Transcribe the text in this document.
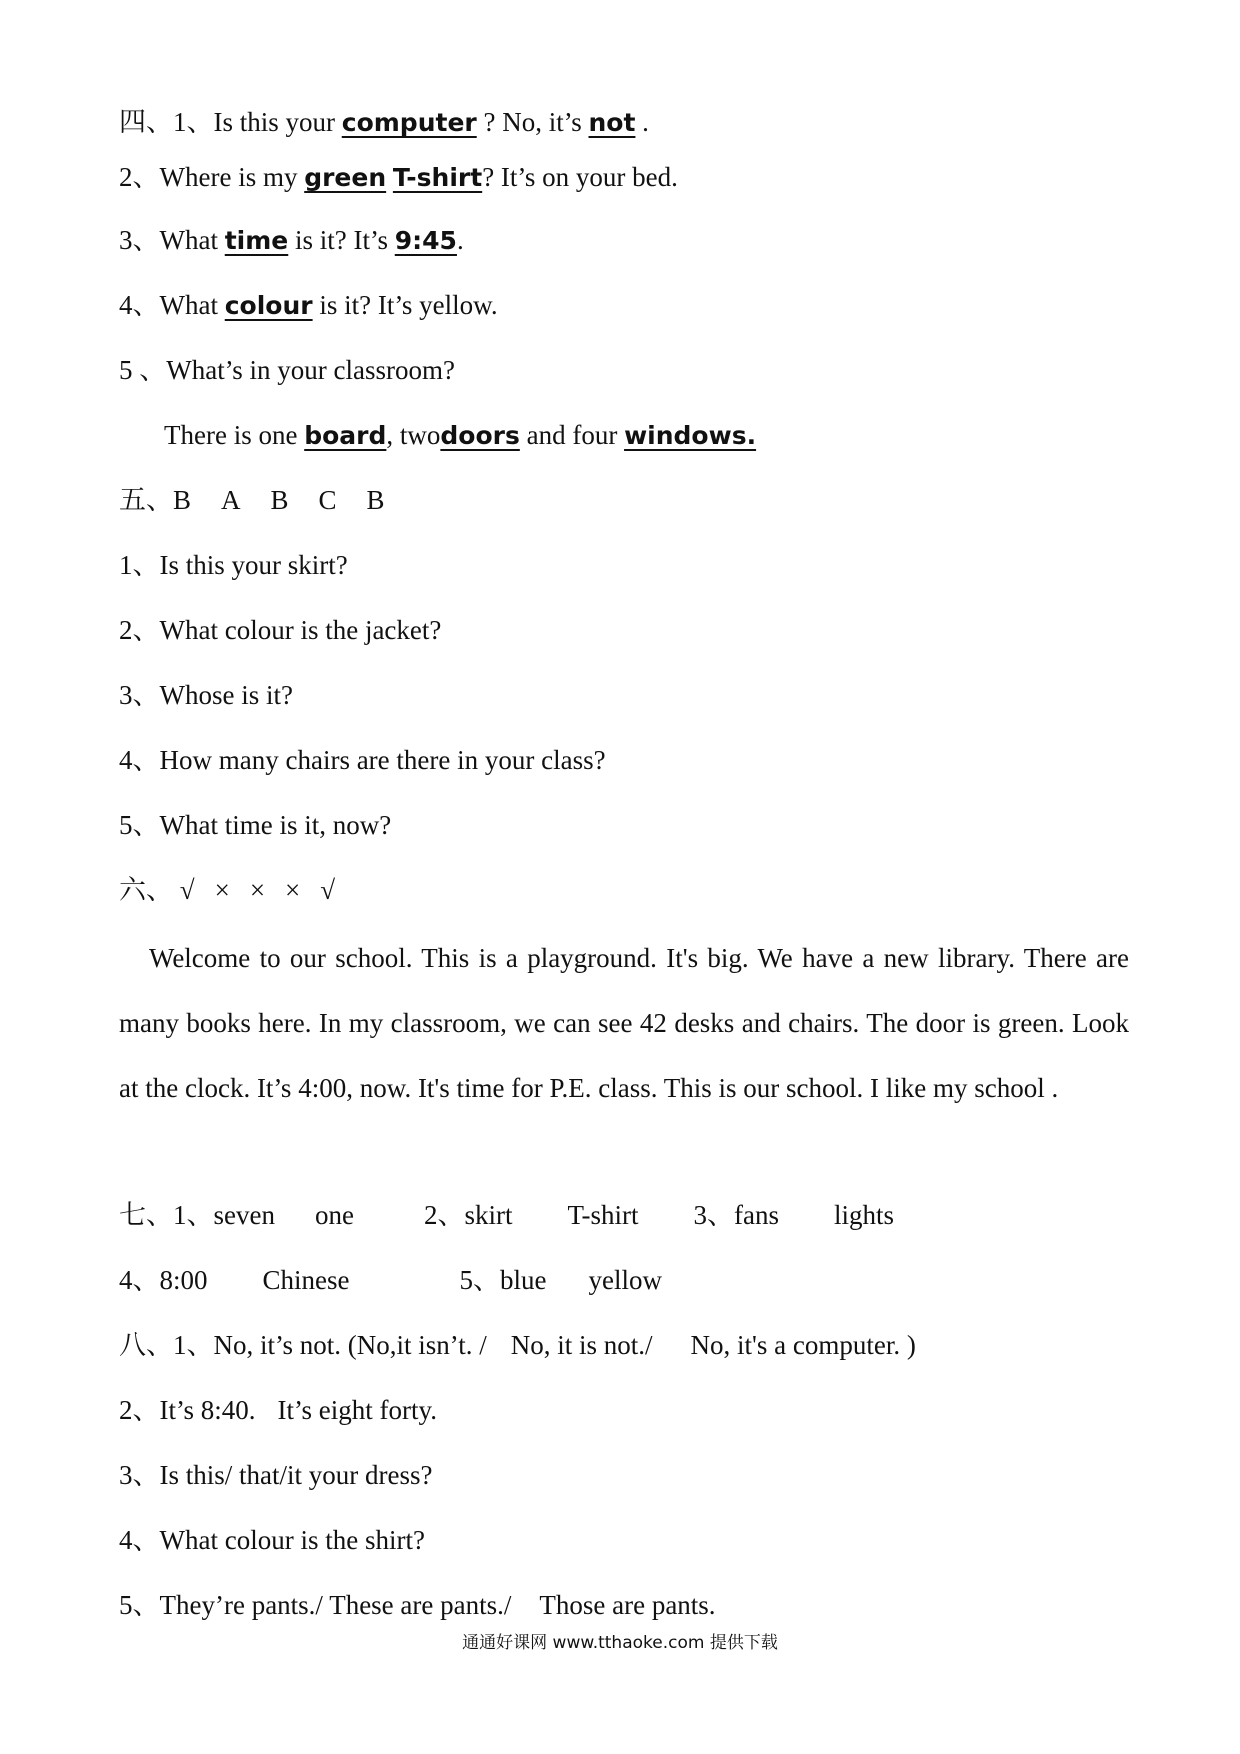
四、1、Is this your computer ? No, it’s not .
2、Where is my green T-shirt? It’s on your bed.
3、What time is it? It’s 9:45.
4、What colour is it? It’s yellow.
5 、What’s in your classroom?
There is one board, twodoors and four windows.
五、B A B C B
1、Is this your skirt?
2、What colour is the jacket?
3、Whose is it?
4、How many chairs are there in your class?
5、What time is it, now?
六、 √ × × × √
Welcome to our school. This is a playground. It's big. We have a new library. There are many books here. In my classroom, we can see 42 desks and chairs. The door is green. Look at the clock. It’s 4:00, now. It's time for P.E. class. This is our school. I like my school .
七、1、seven one	2、skirt T-shirt 3、fans lights
4、8:00 Chinese	5、blue yellow
八、1、No, it’s not. (No,it isn’t. / No, it is not./ No, it's a computer. )
2、It’s 8:40. It’s eight forty.
3、Is this/ that/it your dress?
4、What colour is the shirt?
5、They’re pants./ These are pants./ Those are pants.
通通好课网 www.tthaoke.com 提供下载
